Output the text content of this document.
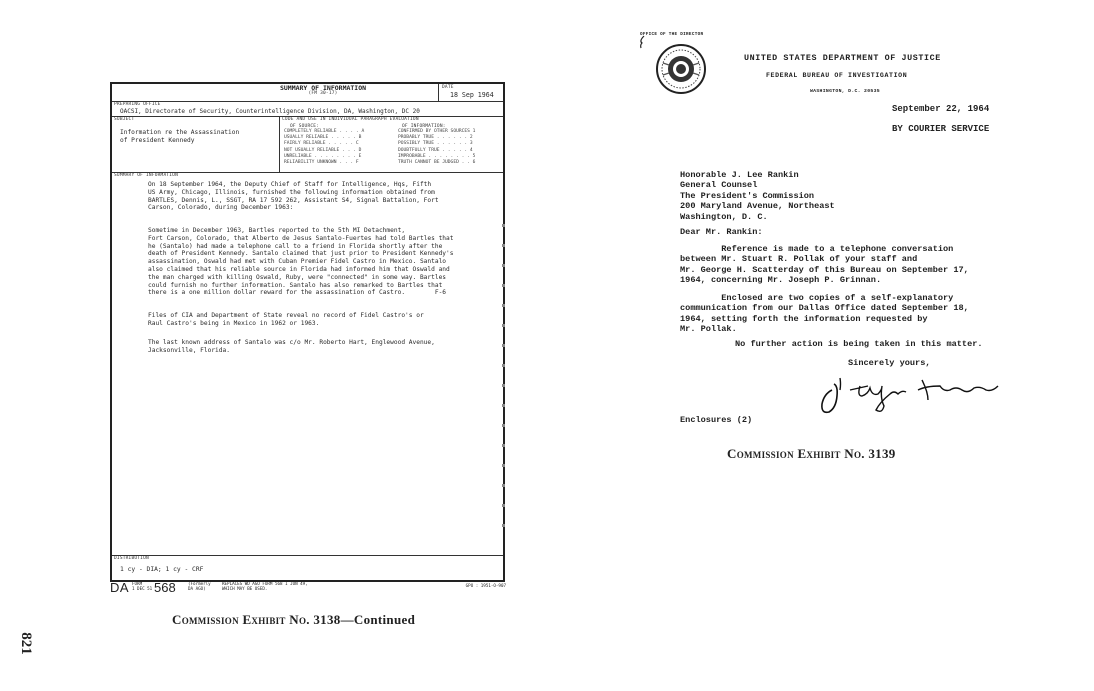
SUMMARY OF INFORMATION
(FM 30-17)
DATE
18 Sep 1964
PREPARING OFFICE
OACSI, Directorate of Security, Counterintelligence Division, DA, Washington, DC 20
SUBJECT
Information re the Assassination
of President Kennedy
CODE AND USE IN INDIVIDUAL PARAGRAPH EVALUATION
OF SOURCE:	OF INFORMATION:
COMPLETELY RELIABLE . . . . A
USUALLY RELIABLE . . . . . B
FAIRLY RELIABLE . . . . . C
NOT USUALLY RELIABLE . . . D
UNRELIABLE . . . . . . . . E
RELIABILITY UNKNOWN . . . F
CONFIRMED BY OTHER SOURCES 1
PROBABLY TRUE . . . . . . 2
POSSIBLY TRUE . . . . . . 3
DOUBTFULLY TRUE . . . . . 4
IMPROBABLE . . . . . . . . 5
TRUTH CANNOT BE JUDGED . . 6
SUMMARY OF INFORMATION
On 18 September 1964, the Deputy Chief of Staff for Intelligence, Hqs, Fifth
US Army, Chicago, Illinois, furnished the following information obtained from
BARTLES, Dennis, L., SSGT, RA 17 592 262, Assistant S4, Signal Battalion, Fort
Carson, Colorado, during December 1963:
Sometime in December 1963, Bartles reported to the 5th MI Detachment,
Fort Carson, Colorado, that Alberto de Jesus Santalo-Fuertes had told Bartles that
he (Santalo) had made a telephone call to a friend in Florida shortly after the
death of President Kennedy. Santalo claimed that just prior to President Kennedy's
assassination, Oswald had met with Cuban Premier Fidel Castro in Mexico. Santalo
also claimed that his reliable source in Florida had informed him that Oswald and
the man charged with killing Oswald, Ruby, were "connected" in some way. Bartles
could furnish no further information. Santalo has also remarked to Bartles that
there is a one million dollar reward for the assassination of Castro.        F-6
Files of CIA and Department of State reveal no record of Fidel Castro's or
Raul Castro's being in Mexico in 1962 or 1963.
The last known address of Santalo was c/o Mr. Roberto Hart, Englewood Avenue,
Jacksonville, Florida.
DISTRIBUTION
1 cy - DIA; 1 cy - CRF
DA FORM
1 DEC 51 568	(Formerly
DA AGO)
REPLACES WD AGO FORM 568 1 JUN 49,
WHICH MAY BE USED.
GPO : 1951-O-907
Commission Exhibit No. 3138—Continued
821
OFFICE OF THE DIRECTOR
UNITED STATES DEPARTMENT OF JUSTICE
FEDERAL BUREAU OF INVESTIGATION
WASHINGTON, D.C. 20535
September 22, 1964
BY COURIER SERVICE
Honorable J. Lee Rankin
General Counsel
The President's Commission
200 Maryland Avenue, Northeast
Washington, D. C.
Dear Mr. Rankin:
Reference is made to a telephone conversation
between Mr. Stuart R. Pollak of your staff and
Mr. George H. Scatterday of this Bureau on September 17,
1964, concerning Mr. Joseph P. Grinnan.
Enclosed are two copies of a self-explanatory
communication from our Dallas Office dated September 18,
1964, setting forth the information requested by
Mr. Pollak.
No further action is being taken in this matter.
Sincerely yours,
Enclosures (2)
Commission Exhibit No. 3139
